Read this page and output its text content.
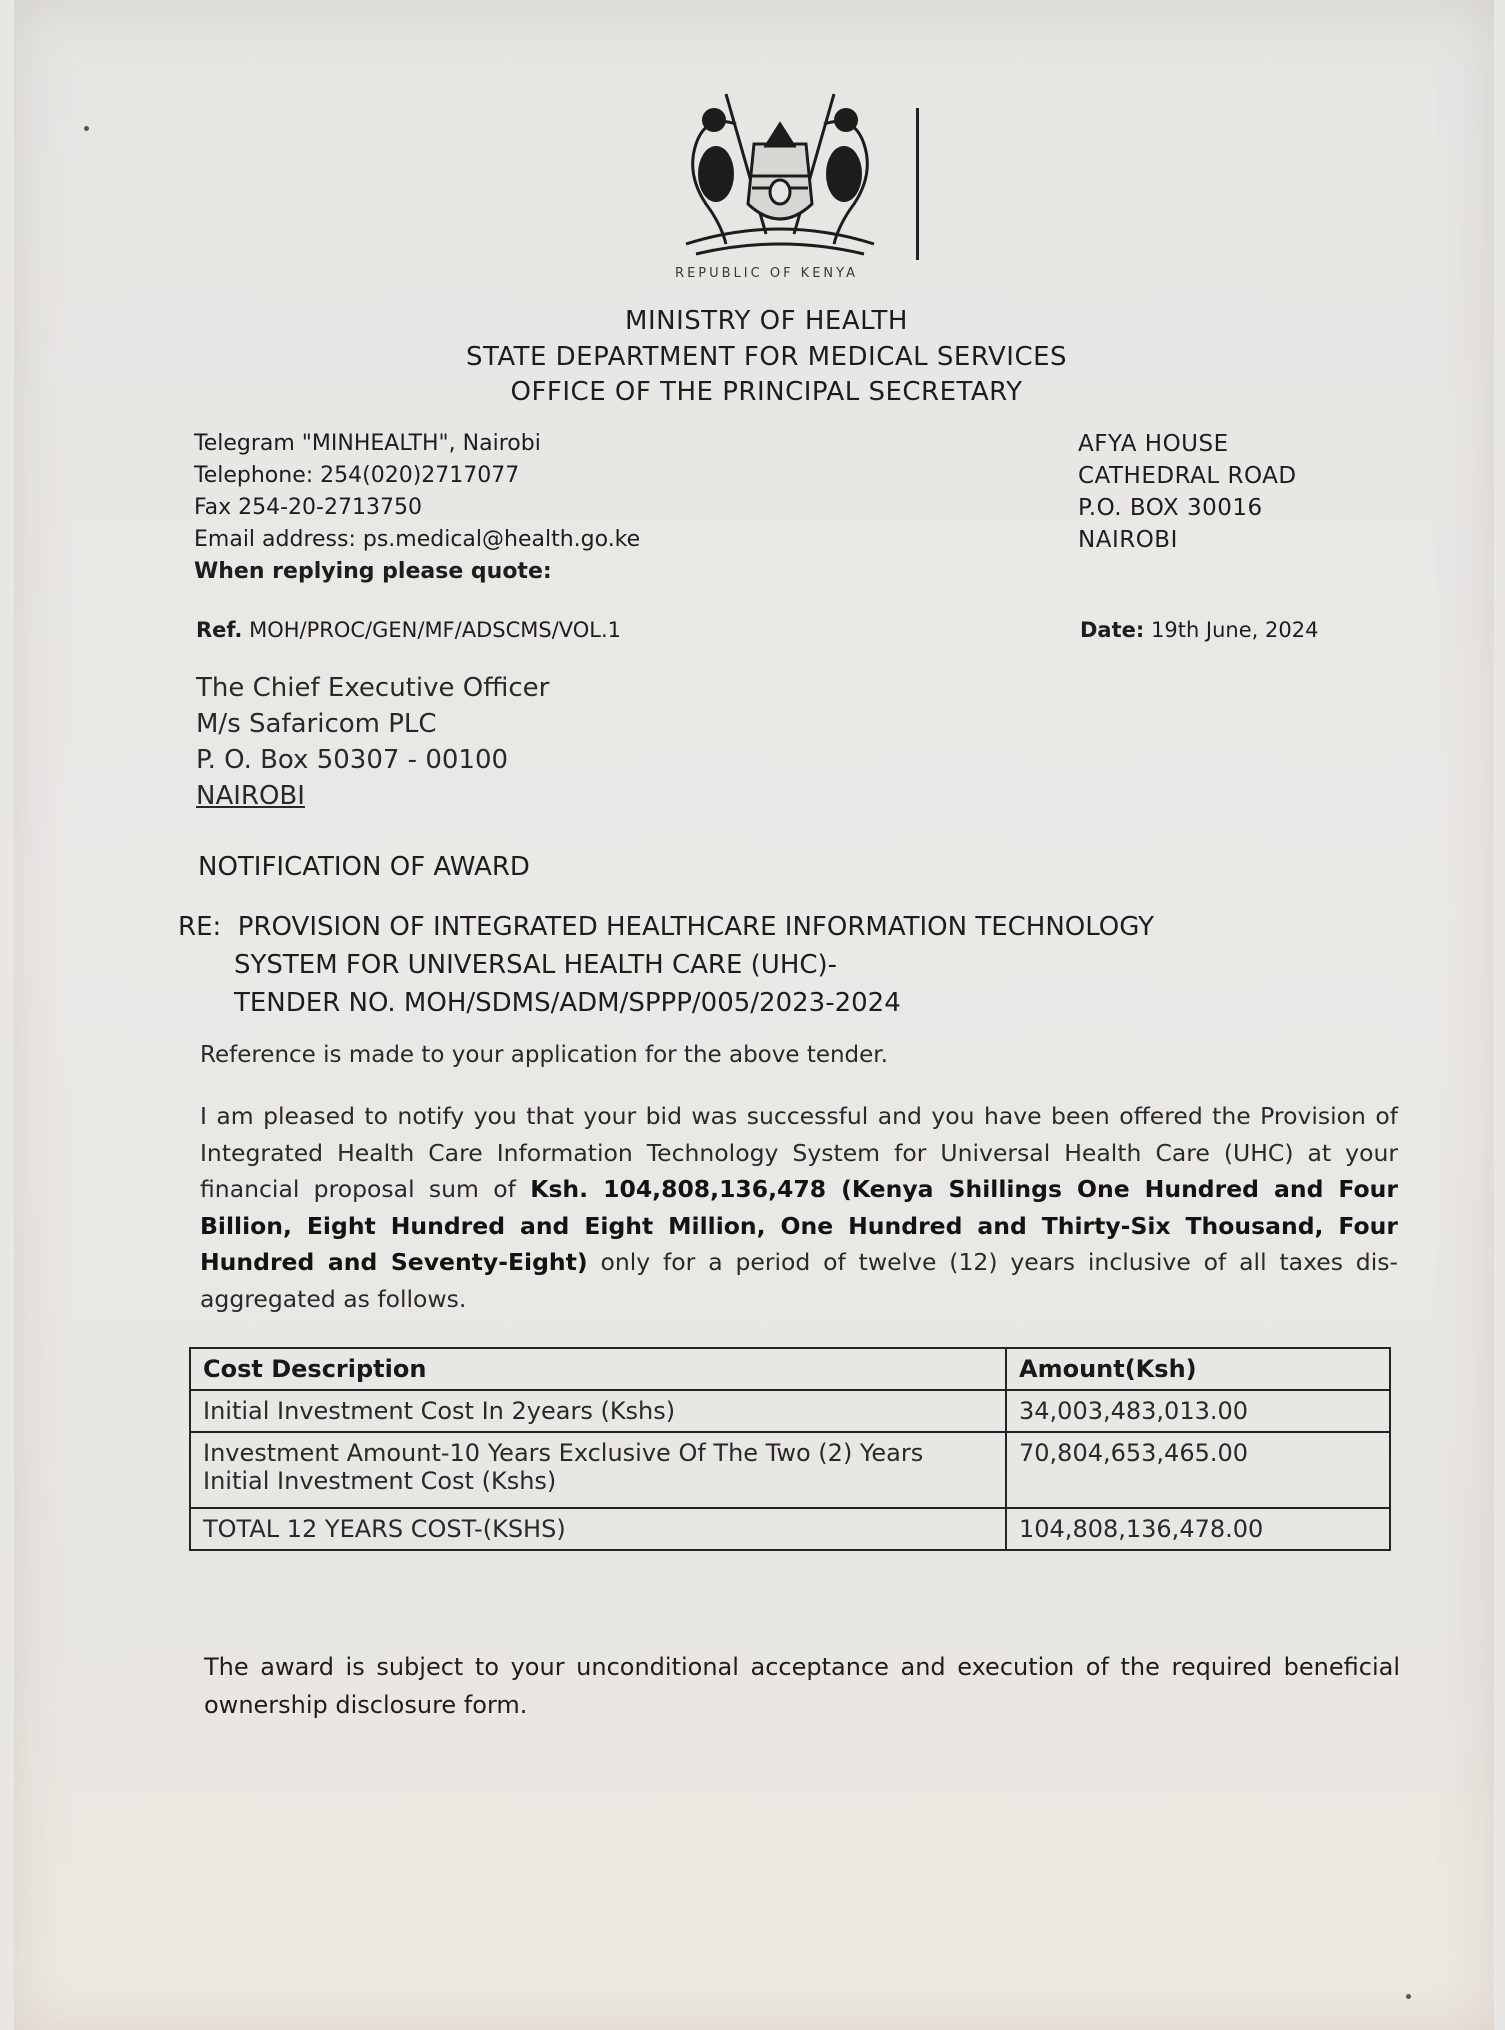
REPUBLIC OF KENYA
MINISTRY OF HEALTH
STATE DEPARTMENT FOR MEDICAL SERVICES
OFFICE OF THE PRINCIPAL SECRETARY
Telegram "MINHEALTH", Nairobi
Telephone: 254(020)2717077
Fax 254-20-2713750
Email address: ps.medical@health.go.ke
When replying please quote:
AFYA HOUSE
CATHEDRAL ROAD
P.O. BOX 30016
NAIROBI
Ref. MOH/PROC/GEN/MF/ADSCMS/VOL.1	Date: 19th June, 2024
The Chief Executive Officer
M/s Safaricom PLC
P. O. Box 50307 - 00100
NAIROBI
NOTIFICATION OF AWARD
RE: PROVISION OF INTEGRATED HEALTHCARE INFORMATION TECHNOLOGY
SYSTEM FOR UNIVERSAL HEALTH CARE (UHC)-
TENDER NO. MOH/SDMS/ADM/SPPP/005/2023-2024
Reference is made to your application for the above tender.
I am pleased to notify you that your bid was successful and you have been offered the Provision of Integrated Health Care Information Technology System for Universal Health Care (UHC) at your financial proposal sum of Ksh. 104,808,136,478 (Kenya Shillings One Hundred and Four Billion, Eight Hundred and Eight Million, One Hundred and Thirty-Six Thousand, Four Hundred and Seventy-Eight) only for a period of twelve (12) years inclusive of all taxes dis-aggregated as follows.
Cost Description	Amount(Ksh)
Initial Investment Cost In 2years (Kshs)	34,003,483,013.00
Investment Amount-10 Years Exclusive Of The Two (2) Years Initial Investment Cost (Kshs)	70,804,653,465.00
TOTAL 12 YEARS COST-(KSHS)	104,808,136,478.00
The award is subject to your unconditional acceptance and execution of the required beneficial ownership disclosure form.
